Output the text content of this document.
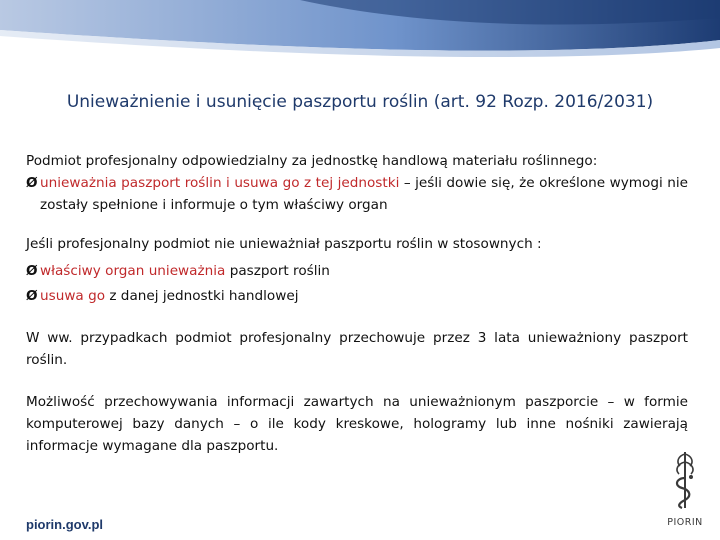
Unieważnienie i usunięcie paszportu roślin (art. 92 Rozp. 2016/2031)

Podmiot profesjonalny odpowiedzialny za jednostkę handlową materiału roślinnego:

Ø unieważnia paszport roślin i usuwa go z tej jednostki – jeśli dowie się, że określone wymogi nie zostały spełnione i informuje o tym właściwy organ

Jeśli profesjonalny podmiot nie unieważniał paszportu roślin w stosownych :

Ø właściwy organ unieważnia paszport roślin

Ø usuwa go z danej jednostki handlowej

W ww. przypadkach podmiot profesjonalny przechowuje przez 3 lata unieważniony paszport roślin.

Możliwość przechowywania informacji zawartych na unieważnionym paszporcie – w formie komputerowej bazy danych – o ile kody kreskowe, hologramy lub inne nośniki zawierają informacje wymagane dla paszportu.

piorin.gov.pl	PIORIN
